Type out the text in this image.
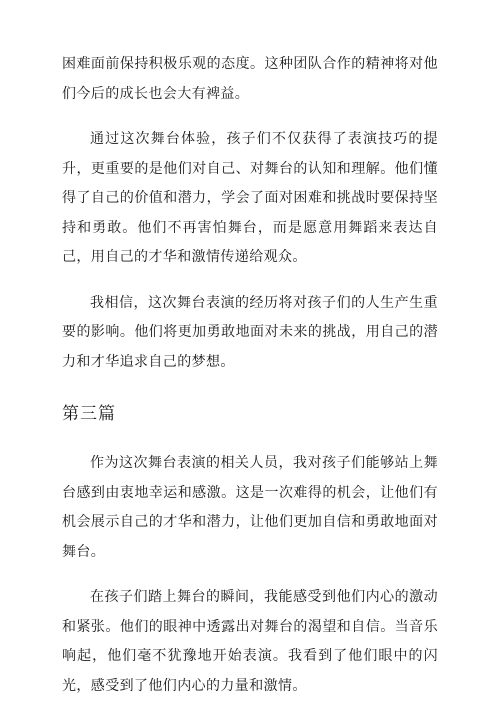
困难面前保持积极乐观的态度。这种团队合作的精神将对他们今后的成长也会大有裨益。

通过这次舞台体验，孩子们不仅获得了表演技巧的提升，更重要的是他们对自己、对舞台的认知和理解。他们懂得了自己的价值和潜力，学会了面对困难和挑战时要保持坚持和勇敢。他们不再害怕舞台，而是愿意用舞蹈来表达自己，用自己的才华和激情传递给观众。

我相信，这次舞台表演的经历将对孩子们的人生产生重要的影响。他们将更加勇敢地面对未来的挑战，用自己的潜力和才华追求自己的梦想。

第三篇

作为这次舞台表演的相关人员，我对孩子们能够站上舞台感到由衷地幸运和感激。这是一次难得的机会，让他们有机会展示自己的才华和潜力，让他们更加自信和勇敢地面对舞台。

在孩子们踏上舞台的瞬间，我能感受到他们内心的激动和紧张。他们的眼神中透露出对舞台的渴望和自信。当音乐响起，他们毫不犹豫地开始表演。我看到了他们眼中的闪光，感受到了他们内心的力量和激情。
